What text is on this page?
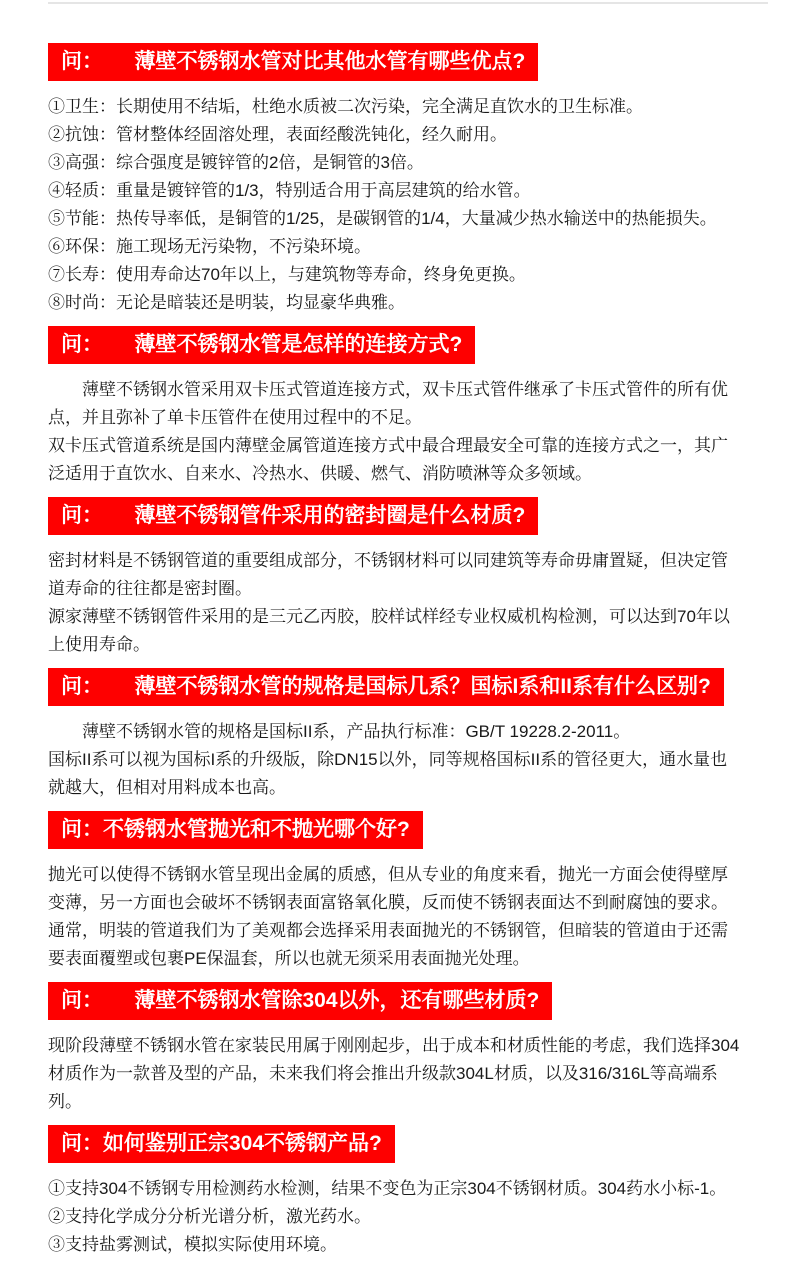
问：　　薄壁不锈钢水管对比其他水管有哪些优点?

①卫生：长期使用不结垢，杜绝水质被二次污染，完全满足直饮水的卫生标准。

②抗蚀：管材整体经固溶处理，表面经酸洗钝化，经久耐用。

③高强：综合强度是镀锌管的2倍，是铜管的3倍。

④轻质：重量是镀锌管的1/3，特别适合用于高层建筑的给水管。

⑤节能：热传导率低，是铜管的1/25，是碳钢管的1/4，大量减少热水输送中的热能损失。

⑥环保：施工现场无污染物，不污染环境。

⑦长寿：使用寿命达70年以上，与建筑物等寿命，终身免更换。

⑧时尚：无论是暗装还是明装，均显豪华典雅。

问：　　薄壁不锈钢水管是怎样的连接方式?

　　薄壁不锈钢水管采用双卡压式管道连接方式，双卡压式管件继承了卡压式管件的所有优点，并且弥补了单卡压管件在使用过程中的不足。

双卡压式管道系统是国内薄壁金属管道连接方式中最合理最安全可靠的连接方式之一，其广泛适用于直饮水、自来水、冷热水、供暖、燃气、消防喷淋等众多领域。

问：　　薄壁不锈钢管件采用的密封圈是什么材质?

密封材料是不锈钢管道的重要组成部分，不锈钢材料可以同建筑等寿命毋庸置疑，但决定管道寿命的往往都是密封圈。

源家薄壁不锈钢管件采用的是三元乙丙胶，胶样试样经专业权威机构检测，可以达到70年以上使用寿命。

问：　　薄壁不锈钢水管的规格是国标几系？国标I系和II系有什么区别?

　　薄壁不锈钢水管的规格是国标II系，产品执行标准：GB/T 19228.2-2011。

国标II系可以视为国标I系的升级版，除DN15以外，同等规格国标II系的管径更大，通水量也就越大，但相对用料成本也高。

问：不锈钢水管抛光和不抛光哪个好?

抛光可以使得不锈钢水管呈现出金属的质感，但从专业的角度来看，抛光一方面会使得壁厚变薄，另一方面也会破坏不锈钢表面富铬氧化膜，反而使不锈钢表面达不到耐腐蚀的要求。

通常，明装的管道我们为了美观都会选择采用表面抛光的不锈钢管，但暗装的管道由于还需要表面覆塑或包裹PE保温套，所以也就无须采用表面抛光处理。

问：　　薄壁不锈钢水管除304以外，还有哪些材质?

现阶段薄壁不锈钢水管在家装民用属于刚刚起步，出于成本和材质性能的考虑，我们选择304材质作为一款普及型的产品，未来我们将会推出升级款304L材质，以及316/316L等高端系列。

问：如何鉴别正宗304不锈钢产品?

①支持304不锈钢专用检测药水检测，结果不变色为正宗304不锈钢材质。304药水小标-1。

②支持化学成分分析光谱分析，激光药水。

③支持盐雾测试，模拟实际使用环境。
